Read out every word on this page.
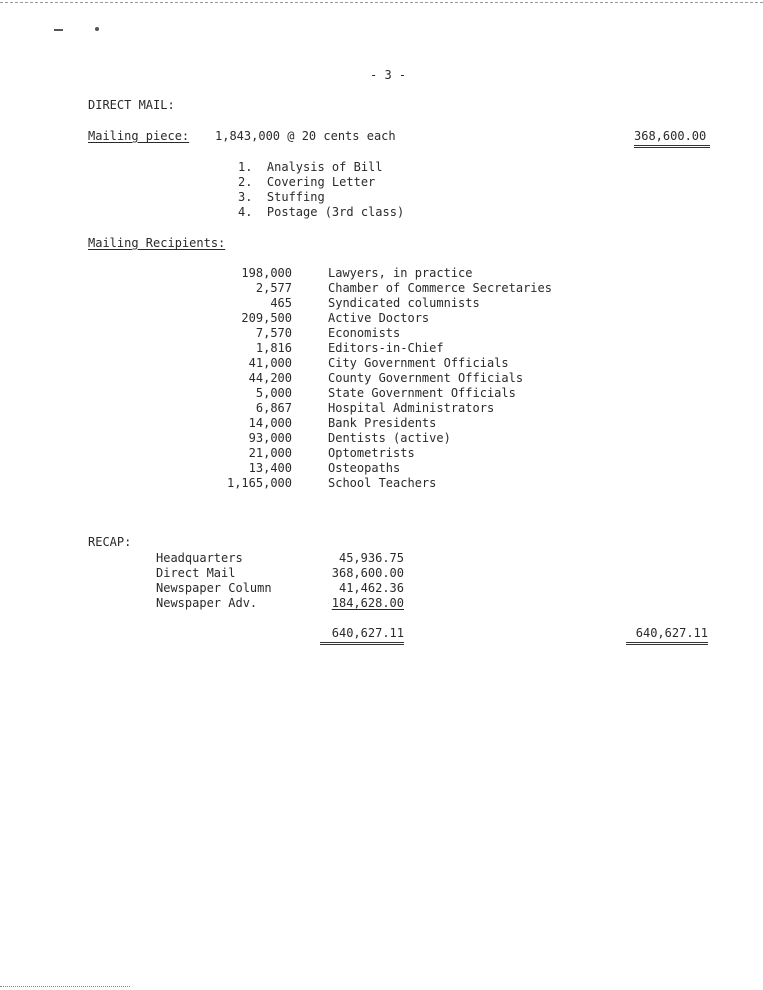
- 3 -
DIRECT MAIL:
Mailing piece: 1,843,000 @ 20 cents each	368,600.00
1.  Analysis of Bill
2.  Covering Letter
3.  Stuffing
4.  Postage (3rd class)
Mailing Recipients:
198,000	Lawyers, in practice
2,577	Chamber of Commerce Secretaries
465	Syndicated columnists
209,500	Active Doctors
7,570	Economists
1,816	Editors-in-Chief
41,000	City Government Officials
44,200	County Government Officials
5,000	State Government Officials
6,867	Hospital Administrators
14,000	Bank Presidents
93,000	Dentists (active)
21,000	Optometrists
13,400	Osteopaths
1,165,000	School Teachers
RECAP:
Headquarters	45,936.75
Direct Mail	368,600.00
Newspaper Column	41,462.36
Newspaper Adv.	184,628.00
640,627.11	640,627.11
